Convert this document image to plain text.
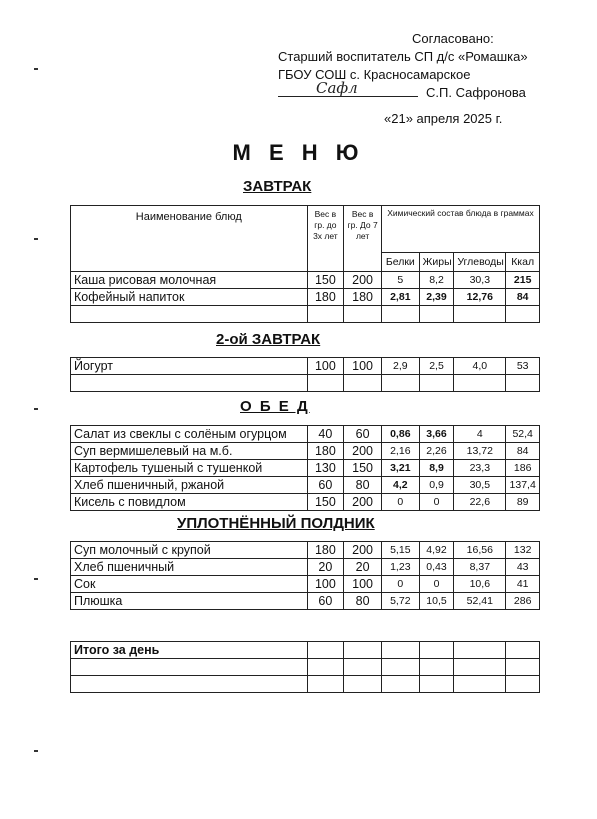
Согласовано:
Старший воспитатель СП д/с «Ромашка»
ГБОУ СОШ с. Красносамарское
Сафл	С.П. Сафронова
«21» апреля 2025 г.
М Е Н Ю
ЗАВТРАК
Наименование блюд	Вес в гр. до 3х лет	Вес в гр. До 7 лет	Химический состав блюда в граммах			
			Белки	Жиры	Углеводы	Ккал
Каша рисовая молочная	150	200	5	8,2	30,3	215
Кофейный напиток	180	180	2,81	2,39	12,76	84

2-ой ЗАВТРАК
Йогурт	100	100	2,9	2,5	4,0	53

О Б Е Д
Салат из свеклы с солёным огурцом	40	60	0,86	3,66	4	52,4
Суп вермишелевый на м.б.	180	200	2,16	2,26	13,72	84
Картофель тушеный с тушенкой	130	150	3,21	8,9	23,3	186
Хлеб пшеничный, ржаной	60	80	4,2	0,9	30,5	137,4
Кисель с повидлом	150	200	0	0	22,6	89
УПЛОТНЁННЫЙ ПОЛДНИК
Суп молочный с крупой	180	200	5,15	4,92	16,56	132
Хлеб пшеничный	20	20	1,23	0,43	8,37	43
Сок	100	100	0	0	10,6	41
Плюшка	60	80	5,72	10,5	52,41	286
Итого за день						
